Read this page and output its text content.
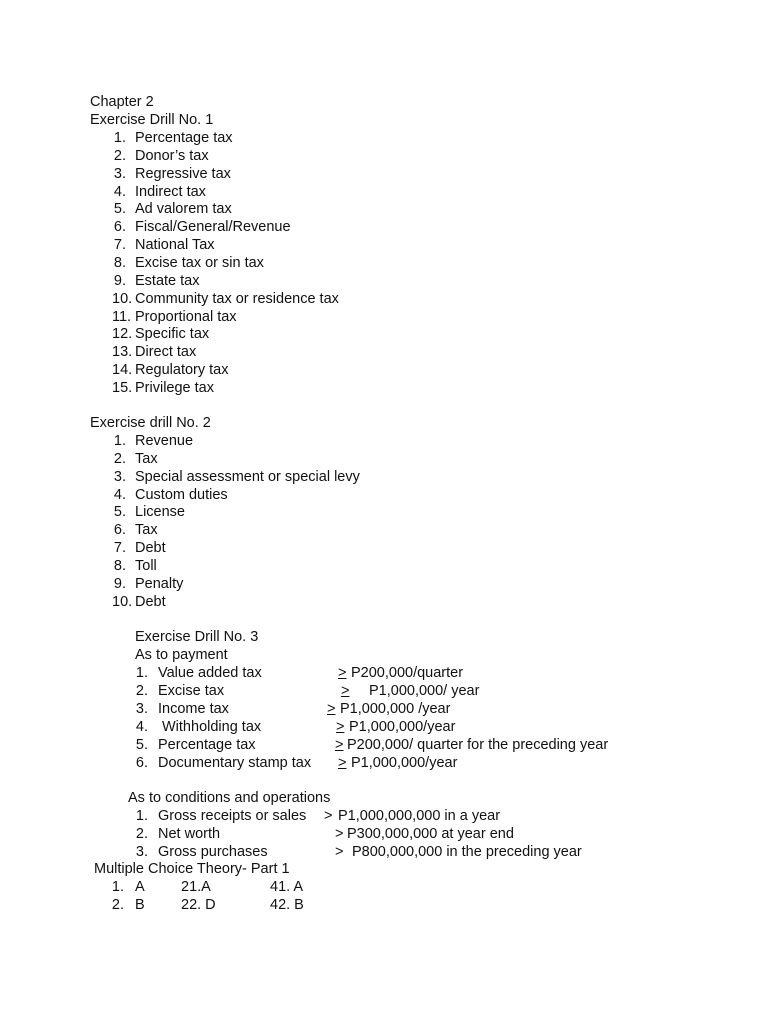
Chapter 2
Exercise Drill No. 1
1. Percentage tax
2. Donor’s tax
3. Regressive tax
4. Indirect tax
5. Ad valorem tax
6. Fiscal/General/Revenue
7. National Tax
8. Excise tax or sin tax
9. Estate tax
10. Community tax or residence tax
11. Proportional tax
12. Specific tax
13. Direct tax
14. Regulatory tax
15. Privilege tax
Exercise drill No. 2
1. Revenue
2. Tax
3. Special assessment or special levy
4. Custom duties
5. License
6. Tax
7. Debt
8. Toll
9. Penalty
10. Debt
Exercise Drill No. 3
As to payment
1. Value added tax	> P200,000/quarter
2. Excise tax	> P1,000,000/ year
3. Income tax	> P1,000,000 /year
4. Withholding tax	> P1,000,000/year
5. Percentage tax	> P200,000/ quarter for the preceding year
6. Documentary stamp tax > P1,000,000/year
As to conditions and operations
1. Gross receipts or sales > P1,000,000,000 in a year
2. Net worth	> P300,000,000 at year end
3. Gross purchases	> P800,000,000 in the preceding year
Multiple Choice Theory- Part 1
1. A	21.A	41. A
2. B	22. D	42. B
